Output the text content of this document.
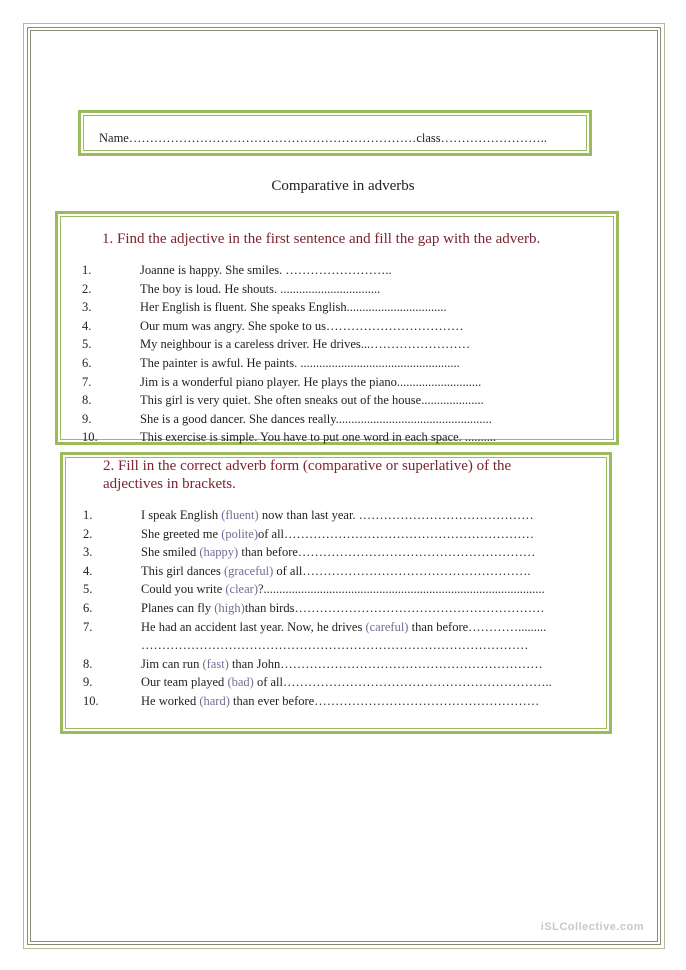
Name……………………………………………………………class……………………..
Comparative in adverbs
1. Find the adjective in the first sentence and fill the gap with the adverb.
1.	Joanne is happy. She smiles. ……………………..
2.	The boy is loud. He shouts. ................................
3.	Her English is fluent. She speaks English................................
4.	Our mum was angry. She spoke to us……………………………
5.	My neighbour is a careless driver. He drives...……………………
6.	The painter is awful. He paints. ...................................................
7.	Jim is a wonderful piano player. He plays the piano...........................
8.	This girl is very quiet. She often sneaks out of the house....................
9.	She is a good dancer. She dances really..................................................
10.	This exercise is simple. You have to put one word in each space. ..........
2. Fill in the correct adverb form (comparative or superlative) of the adjectives in brackets.
1.	I speak English (fluent) now than last year. ……………………………………
2.	She greeted me (polite)of all……………………………………………………
3.	She smiled (happy) than before…………………………………………………
4.	This girl dances (graceful) of all……………………………………………….
5.	Could you write (clear)?..........................................................................................
6.	Planes can fly (high)than birds……………………………………………………
7.	He had an accident last year. Now, he drives (careful) than before………….........
…………………………………………………………………………………
8.	Jim can run (fast) than John………………………………………………………
9.	Our team played (bad) of all………………………………………………………..
10.	He worked (hard) than ever before………………………………………………
iSLCollective.com
